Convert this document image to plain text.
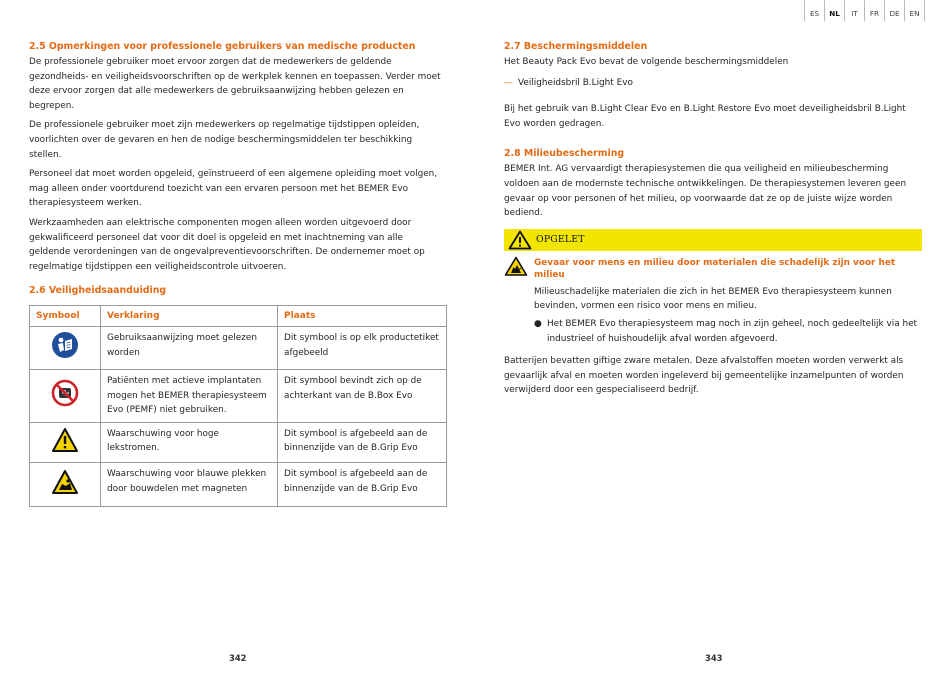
2.5 Opmerkingen voor professionele gebruikers van medische producten

De professionele gebruiker moet ervoor zorgen dat de medewerkers de geldende gezondheids- en veiligheidsvoorschriften op de werkplek kennen en toepassen. Verder moet deze ervoor zorgen dat alle medewerkers de gebruiksaanwijzing hebben gelezen en begrepen.

De professionele gebruiker moet zijn medewerkers op regelmatige tijdstippen opleiden, voorlichten over de gevaren en hen de nodige beschermingsmiddelen ter beschikking stellen.

Personeel dat moet worden opgeleid, geïnstrueerd of een algemene opleiding moet volgen, mag alleen onder voortdurend toezicht van een ervaren persoon met het BEMER Evo therapiesysteem werken.

Werkzaamheden aan elektrische componenten mogen alleen worden uitgevoerd door gekwalificeerd personeel dat voor dit doel is opgeleid en met inachtneming van alle geldende verordeningen van de ongevalpreventievoorschriften. De ondernemer moet op regelmatige tijdstippen een veiligheidscontrole uitvoeren.

2.6 Veiligheidsaanduiding
Symbool	Verklaring	Plaats
	Gebruiksaanwijzing moet gelezen worden	Dit symbool is op elk productetiket afgebeeld
	Patiënten met actieve implantaten mogen het BEMER therapiesysteem Evo (PEMF) niet gebruiken.	Dit symbool bevindt zich op de achterkant van de B.Box Evo
	Waarschuwing voor hoge lekstromen.	Dit symbool is afgebeeld aan de binnenzijde van de B.Grip Evo
	Waarschuwing voor blauwe plekken door bouwdelen met magneten	Dit symbool is afgebeeld aan de binnenzijde van de B.Grip Evo
342
ES	NL	IT	FR	DE	EN
2.7 Beschermingsmiddelen

Het Beauty Pack Evo bevat de volgende beschermingsmiddelen

— Veiligheidsbril B.Light Evo

Bij het gebruik van B.Light Clear Evo en B.Light Restore Evo moet deveiligheidsbril B.Light Evo worden gedragen.

2.8 Milieubescherming

BEMER Int. AG vervaardigt therapiesystemen die qua veiligheid en milieubescherming voldoen aan de modernste technische ontwikkelingen. De therapiesystemen leveren geen gevaar op voor personen of het milieu, op voorwaarde dat ze op de juiste wijze worden bediend.

OPGELET
Gevaar voor mens en milieu door materialen die schadelijk zijn voor het milieu

Milieuschadelijke materialen die zich in het BEMER Evo therapiesysteem kunnen bevinden, vormen een risico voor mens en milieu.

● Het BEMER Evo therapiesysteem mag noch in zijn geheel, noch gedeeltelijk via het industrieel of huishoudelijk afval worden afgevoerd.

Batterijen bevatten giftige zware metalen. Deze afvalstoffen moeten worden verwerkt als gevaarlijk afval en moeten worden ingeleverd bij gemeentelijke inzamelpunten of worden verwijderd door een gespecialiseerd bedrijf.

343
